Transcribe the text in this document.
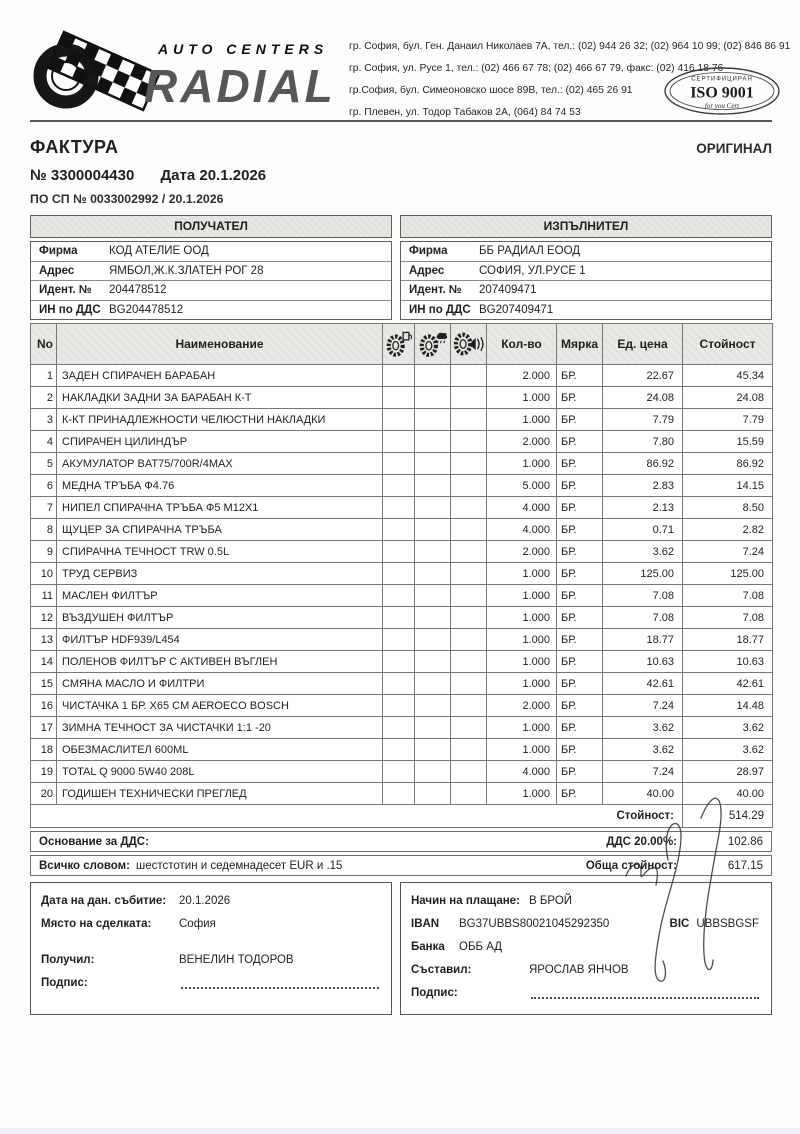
AUTO CENTERS
RADIAL
гр. София, бул. Ген. Данаил Николаев 7А, тел.: (02) 944 26 32; (02) 964 10 99; (02) 846 86 91
гр. София, ул. Русе 1, тел.: (02) 466 67 78; (02) 466 67 79, факс: (02) 416 18 76
гр.София, бул. Симеоновско шосе 89В, тел.: (02) 465 26 91
гр. Плевен, ул. Тодор Табаков 2А, (064) 84 74 53
СЕРТИФИЦИРАН
ISO 9001
for you Cert
ФАКТУРА	ОРИГИНАЛ
№ 3300004430 Дата 20.1.2026
ПО СП № 0033002992 / 20.1.2026
ПОЛУЧАТЕЛ
Фирма	КОД АТЕЛИЕ ООД
Адрес	ЯМБОЛ,Ж.К.ЗЛАТЕН РОГ 28
Идент. №	204478512
ИН по ДДС BG204478512
ИЗПЪЛНИТЕЛ
Фирма	ББ РАДИАЛ ЕООД
Адрес	СОФИЯ, УЛ.РУСЕ 1
Идент. №	207409471
ИН по ДДС BG207409471
No	Наименование				Кол-во	Мярка	Ед. цена	Стойност
1	ЗАДЕН СПИРАЧЕН БАРАБАН				2.000	БР.	22.67	45.34
2	НАКЛАДКИ ЗАДНИ ЗА БАРАБАН К-Т				1.000	БР.	24.08	24.08
3	К-КТ ПРИНАДЛЕЖНОСТИ ЧЕЛЮСТНИ НАКЛАДКИ				1.000	БР.	7.79	7.79
4	СПИРАЧЕН ЦИЛИНДЪР				2.000	БР.	7.80	15.59
5	АКУМУЛАТОР BAT75/700R/4MAX				1.000	БР.	86.92	86.92
6	МЕДНА ТРЪБА Ф4.76				5.000	БР.	2.83	14.15
7	НИПЕЛ СПИРАЧНА ТРЪБА Ф5 M12X1				4.000	БР.	2.13	8.50
8	ЩУЦЕР ЗА СПИРАЧНА ТРЪБА				4.000	БР.	0.71	2.82
9	СПИРАЧНА ТЕЧНОСТ TRW 0.5L				2.000	БР.	3.62	7.24
10	ТРУД СЕРВИЗ				1.000	БР.	125.00	125.00
11	МАСЛЕН ФИЛТЪР				1.000	БР.	7.08	7.08
12	ВЪЗДУШЕН ФИЛТЪР				1.000	БР.	7.08	7.08
13	ФИЛТЪР HDF939/L454				1.000	БР.	18.77	18.77
14	ПОЛЕНОВ ФИЛТЪР С АКТИВЕН ВЪГЛЕН				1.000	БР.	10.63	10.63
15	СМЯНА МАСЛО И ФИЛТРИ				1.000	БР.	42.61	42.61
16	ЧИСТАЧКА 1 БР. X65 CM AEROECO BOSCH				2.000	БР.	7.24	14.48
17	ЗИМНА ТЕЧНОСТ ЗА ЧИСТАЧКИ 1:1 -20				1.000	БР.	3.62	3.62
18	ОБЕЗМАСЛИТЕЛ 600ML				1.000	БР.	3.62	3.62
19	TOTAL Q 9000 5W40 208L				4.000	БР.	7.24	28.97
20	ГОДИШЕН ТЕХНИЧЕСКИ ПРЕГЛЕД				1.000	БР.	40.00	40.00
Стойност:								514.29
Основание за ДДС:	ДДС 20.00%:	102.86
Всичко словом: шестстотин и седемнадесет EUR и .15	Обща стойност:	617.15
Дата на дан. събитие:	20.1.2026
Място на сделката:	София
Получил:	ВЕНЕЛИН ТОДОРОВ
Подпис:
Начин на плащане: В БРОЙ
IBAN	BG37UBBS80021045292350	BIC UBBSBGSF
Банка	ОББ АД
Съставил:	ЯРОСЛАВ ЯНЧОВ
Подпис:
